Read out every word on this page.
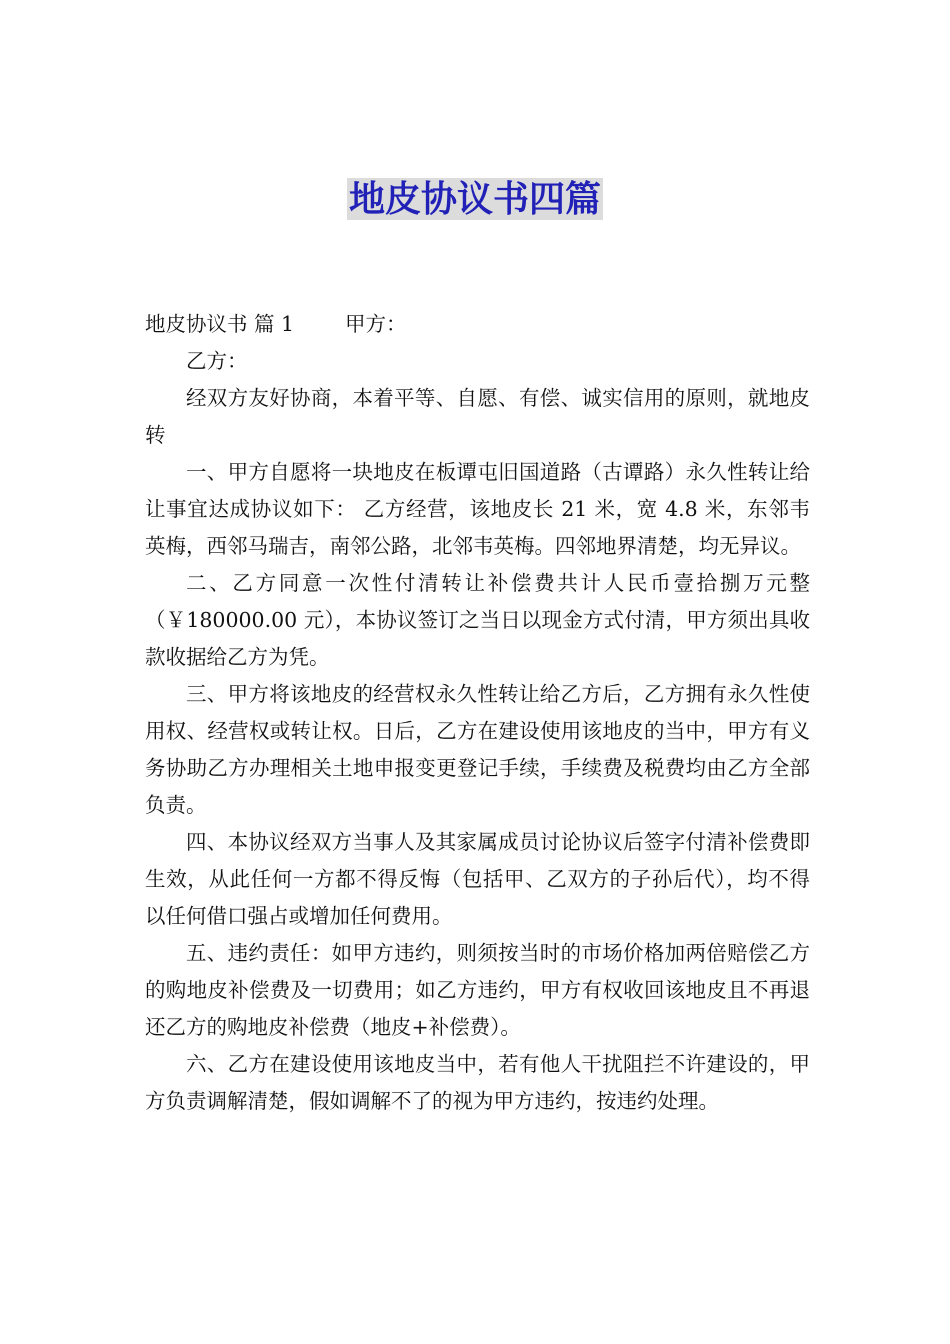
地皮协议书四篇
地皮协议书 篇 1	甲方：

乙方：

经双方友好协商，本着平等、自愿、有偿、诚实信用的原则，就地皮转

一、甲方自愿将一块地皮在板谭屯旧国道路（古谭路）永久性转让给让事宜达成协议如下： 乙方经营，该地皮长 21 米，宽 4.8 米，东邻韦英梅，西邻马瑞吉，南邻公路，北邻韦英梅。四邻地界清楚，均无异议。

二、乙方同意一次性付清转让补偿费共计人民币壹拾捌万元整（￥180000.00 元），本协议签订之当日以现金方式付清，甲方须出具收款收据给乙方为凭。

三、甲方将该地皮的经营权永久性转让给乙方后，乙方拥有永久性使用权、经营权或转让权。日后，乙方在建设使用该地皮的当中，甲方有义务协助乙方办理相关土地申报变更登记手续，手续费及税费均由乙方全部负责。

四、本协议经双方当事人及其家属成员讨论协议后签字付清补偿费即生效，从此任何一方都不得反悔（包括甲、乙双方的子孙后代），均不得以任何借口强占或增加任何费用。

五、违约责任：如甲方违约，则须按当时的市场价格加两倍赔偿乙方的购地皮补偿费及一切费用；如乙方违约，甲方有权收回该地皮且不再退还乙方的购地皮补偿费（地皮+补偿费）。

六、乙方在建设使用该地皮当中，若有他人干扰阻拦不许建设的，甲方负责调解清楚，假如调解不了的视为甲方违约，按违约处理。
